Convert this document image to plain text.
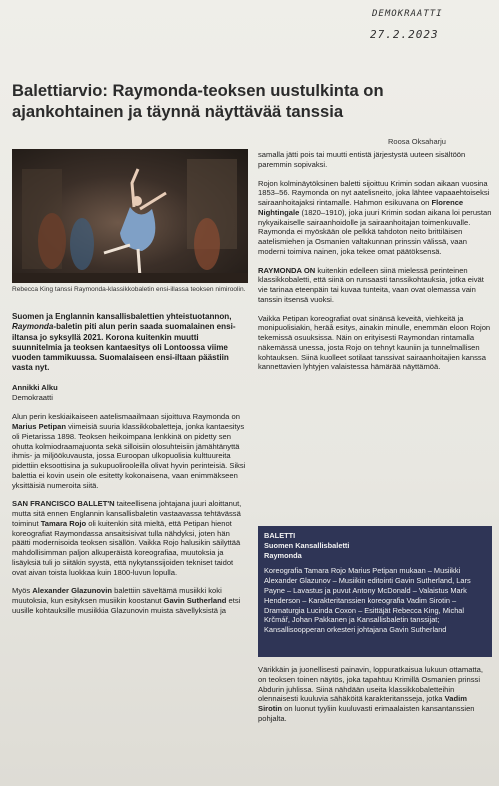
DEMOKRAATTI
27.2.2023
Balettiarvio: Raymonda-teoksen uustulkinta on ajankohtainen ja täynnä näyttävää tanssia
Roosa Oksaharju
Rebecca King tanssi Raymonda-klassikkobaletin ensi-illassa teoksen nimiroolin.

Suomen ja Englannin kansallisbalettien yhteistuotannon, Raymonda-baletin piti alun perin saada suomalainen ensi-iltansa jo syksyllä 2021. Korona kuitenkin muutti suunnitelmia ja teoksen kantaesitys oli Lontoossa viime vuoden tammikuussa. Suomalaiseen ensi-iltaan päästiin vasta nyt.

Annikki Alku

Demokraatti

Alun perin keskiaikaiseen aatelismaailmaan sijoittuva Raymonda on Marius Petipan viimeisiä suuria klassikkobaletteja, jonka kantaesitys oli Pietarissa 1898. Teoksen heikoimpana lenkkinä on pidetty sen ohutta kolmiodraamajuonta sekä silloisiin olosuhteisiin jämähtänyttä ihmis- ja miljöökuvausta, jossa Euroopan ulkopuolisia kulttuureita pidettiin eksoottisina ja sukupuolirooleilla olivat hyvin perinteisiä. Siksi balettia ei kovin usein ole esitetty kokonaisena, vaan enimmäkseen yksittäisiä numeroita siitä.

SAN FRANCISCO BALLET'N taiteellisena johtajana juuri aloittanut, mutta sitä ennen Englannin kansallisbaletin vastaavassa tehtävässä toiminut Tamara Rojo oli kuitenkin sitä mieltä, että Petipan hienot koreografiat Raymondassa ansaitsisivat tulla nähdyksi, joten hän päätti modernisoida teoksen sisällön. Vaikka Rojo halusikin säilyttää mahdollisimman paljon alkuperäistä koreografiaa, muutoksia ja lisäyksiä tuli jo siitäkin syystä, että nykytanssijoiden tekniset taidot ovat aivan toista luokkaa kuin 1800-luvun lopulla.

Myös Alexander Glazunovin balettiin säveltämä musiikki koki muutoksia, kun esityksen musiikin koostanut Gavin Sutherland etsi uusille kohtauksille musiikkia Glazunovin muista sävellyksistä ja

samalla jätti pois tai muutti entistä järjestystä uuteen sisältöön paremmin sopivaksi.

Rojon kolminäytöksinen baletti sijoittuu Krimin sodan aikaan vuosina 1853–56. Raymonda on nyt aatelisneito, joka lähtee vapaaehtoiseksi sairaanhoitajaksi rintamalle. Hahmon esikuvana on Florence Nightingale (1820–1910), joka juuri Krimin sodan aikana loi perustan nykyaikaiselle sairaanhoidolle ja sairaanhoitajan toimenkuvalle. Raymonda ei myöskään ole pelkkä tahdoton neito brittiläisen aatelismiehen ja Osmanien valtakunnan prinssin välissä, vaan moderni toimiva nainen, joka tekee omat päätöksensä.

RAYMONDA ON kuitenkin edelleen siinä mielessä perinteinen klassikkobaletti, että siinä on runsaasti tanssikohtauksia, jotka eivät vie tarinaa eteenpäin tai kuvaa tunteita, vaan ovat olemassa vain tanssin itsensä vuoksi.

Vaikka Petipan koreografiat ovat sinänsä keveitä, viehkeitä ja monipuolisiakin, heräå esitys, ainakin minulle, enemmän eloon Rojon tekemissä osuuksissa. Näin on erityisesti Raymondan rintamalla näkemässä unessa, josta Rojo on tehnyt kauniin ja tunnelmallisen kohtauksen. Siinä kuolleet sotilaat tanssivat sairaanhoitajien kanssa kannettavien lyhtyjen valaistessa hämärää näyttämöä.

BALETTI
Suomen Kansallisbaletti
Raymonda
Koreografia Tamara Rojo Marius Petipan mukaan – Musiikki Alexander Glazunov – Musiikin editointi Gavin Sutherland, Lars Payne – Lavastus ja puvut Antony McDonald – Valaistus Mark Henderson – Karakteritanssien koreografia Vadim Sirotin – Dramaturgia Lucinda Coxon – Esittäjät Rebecca King, Michal Krčmář, Johan Pakkanen ja Kansallisbaletin tanssijat; Kansallisoopperan orkesteri johtajana Gavin Sutherland

Värikkäin ja juonellisesti painavin, loppuratkaisua lukuun ottamatta, on teoksen toinen näytös, joka tapahtuu Krimillä Osmanien prinssi Abdurin juhlissa. Siinä nähdään useita klassikkobaletteihin olennaisesti kuuluvia sähäköitä karakteritansseja, jotka Vadim Sirotin on luonut tyyliin kuuluvasti erimaalaisten kansantanssien pohjalta.
